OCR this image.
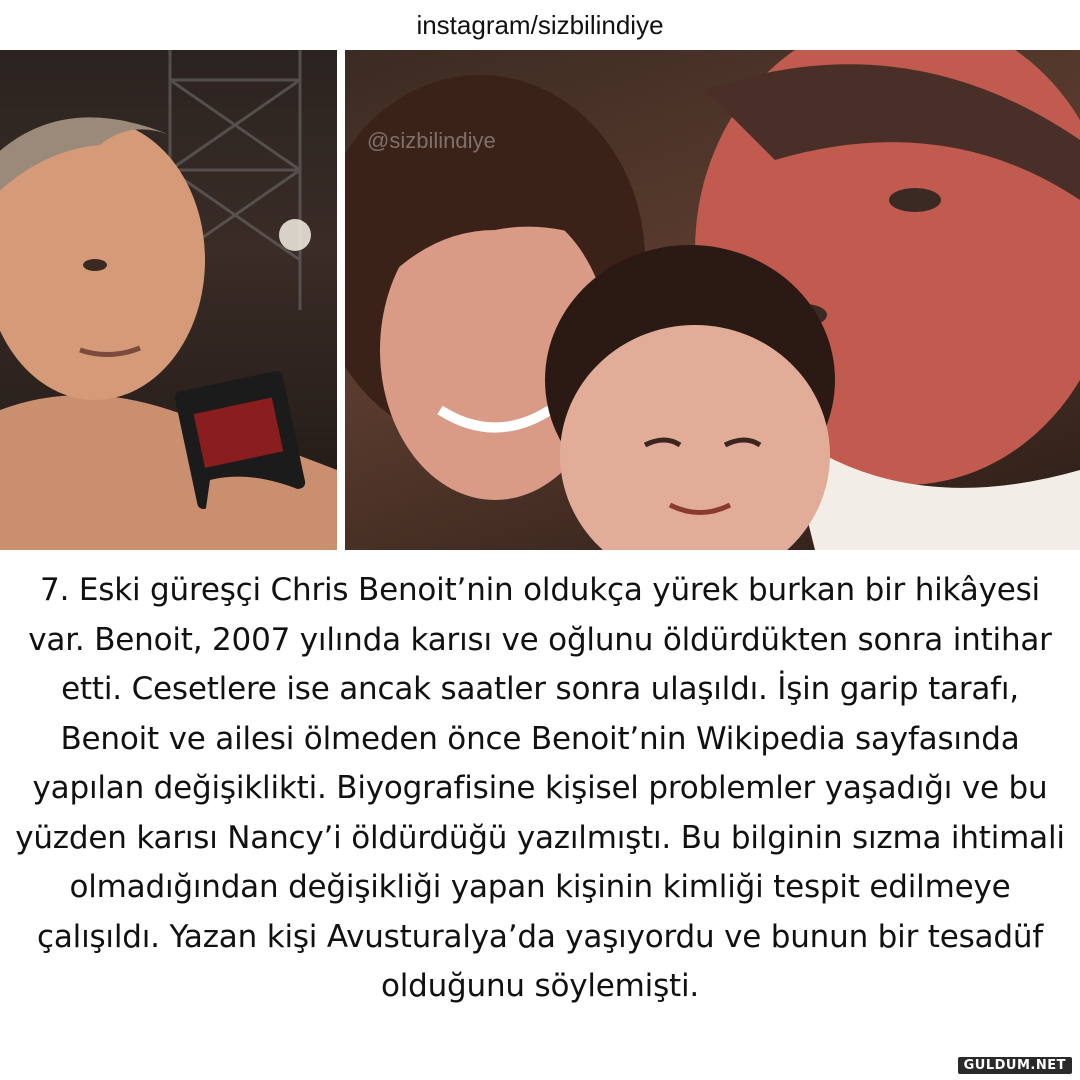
instagram/sizbilindiye
@sizbilindiye
7. Eski güreşçi Chris Benoit’nin oldukça yürek burkan bir hikâyesi var. Benoit, 2007 yılında karısı ve oğlunu öldürdükten sonra intihar etti. Cesetlere ise ancak saatler sonra ulaşıldı. İşin garip tarafı, Benoit ve ailesi ölmeden önce Benoit’nin Wikipedia sayfasında yapılan değişiklikti. Biyografisine kişisel problemler yaşadığı ve bu yüzden karısı Nancy’i öldürdüğü yazılmıştı. Bu bilginin sızma ihtimali olmadığından değişikliği yapan kişinin kimliği tespit edilmeye çalışıldı. Yazan kişi Avusturalya’da yaşıyordu ve bunun bir tesadüf olduğunu söylemişti.
GULDUM.NET
